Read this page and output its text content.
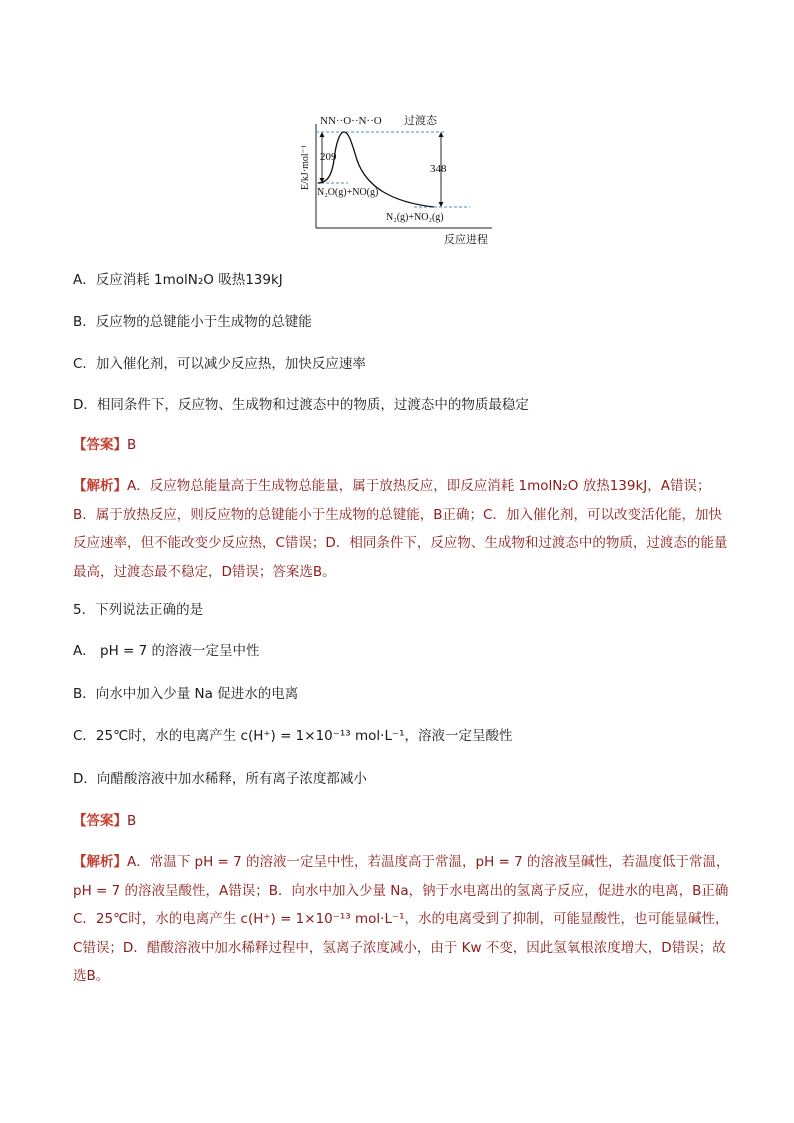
NN··O··N··O 过渡态
209
348
N₂O(g)+NO(g)
N₂(g)+NO₂(g)
反应进程
E/kJ·mol⁻¹
A．反应消耗 1molN₂O 吸热139kJ
B．反应物的总键能小于生成物的总键能
C．加入催化剂，可以减少反应热，加快反应速率
D．相同条件下，反应物、生成物和过渡态中的物质，过渡态中的物质最稳定
【答案】B
【解析】A．反应物总能量高于生成物总能量，属于放热反应，即反应消耗 1molN₂O 放热139kJ，A错误；B．属于放热反应，则反应物的总键能小于生成物的总键能，B正确；C．加入催化剂，可以改变活化能，加快反应速率，但不能改变少反应热，C错误；D．相同条件下，反应物、生成物和过渡态中的物质，过渡态的能量最高，过渡态最不稳定，D错误；答案选B。
5．下列说法正确的是
A． pH = 7 的溶液一定呈中性
B．向水中加入少量 Na 促进水的电离
C．25℃时，水的电离产生 c(H⁺) = 1×10⁻¹³ mol·L⁻¹，溶液一定呈酸性
D．向醋酸溶液中加水稀释，所有离子浓度都减小
【答案】B
【解析】A．常温下 pH = 7 的溶液一定呈中性，若温度高于常温，pH = 7 的溶液呈碱性，若温度低于常温，pH = 7 的溶液呈酸性，A错误；B．向水中加入少量 Na，钠于水电离出的氢离子反应，促进水的电离，B正确 C．25℃时，水的电离产生 c(H⁺) = 1×10⁻¹³ mol·L⁻¹，水的电离受到了抑制，可能显酸性，也可能显碱性，C错误；D．醋酸溶液中加水稀释过程中，氢离子浓度减小，由于 Kw 不变，因此氢氧根浓度增大，D错误；故选B。
